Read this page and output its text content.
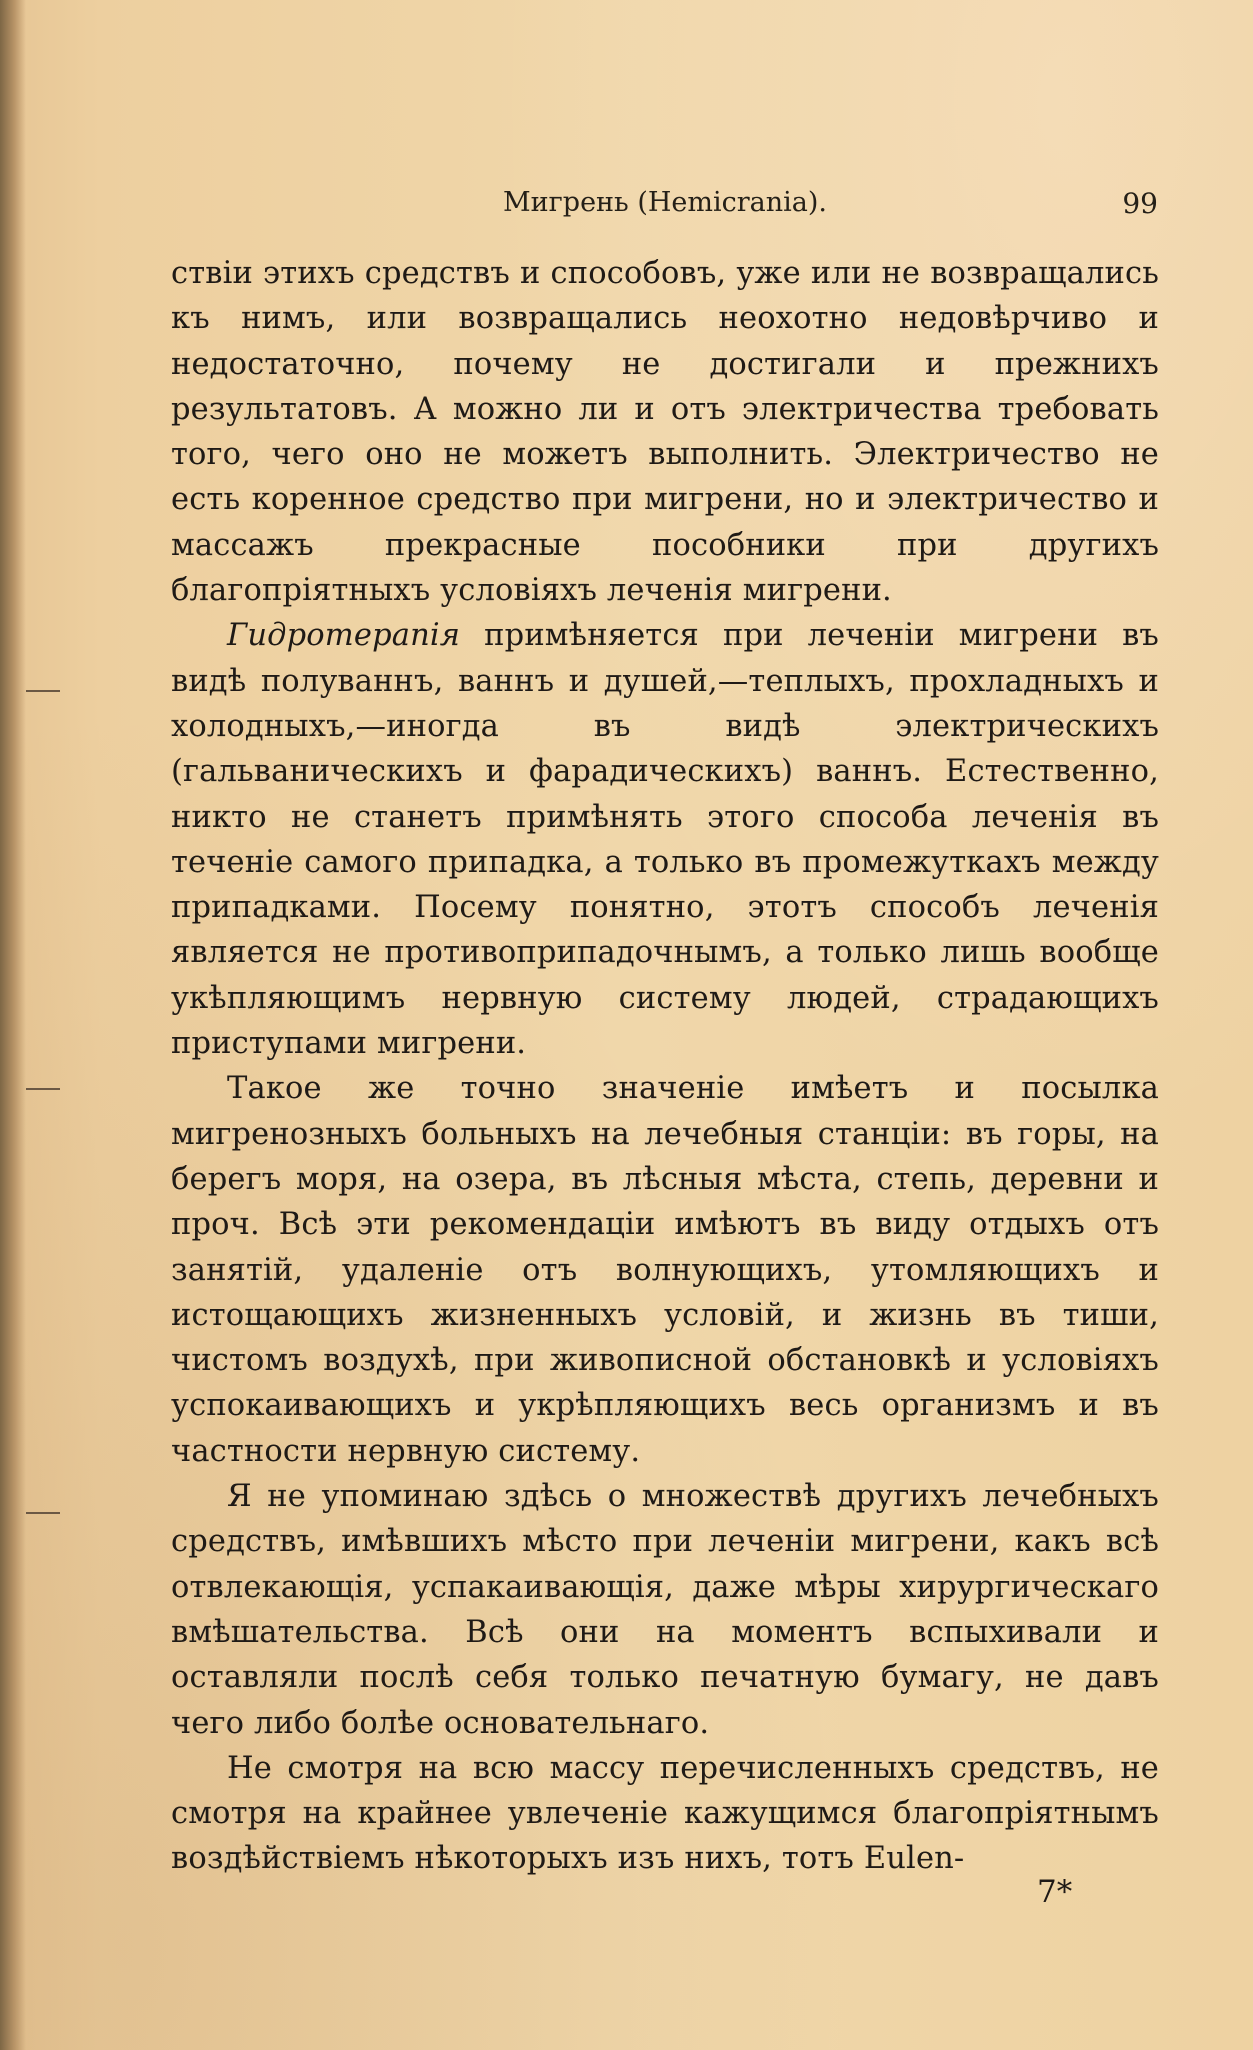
Мигрень (Hemicrania).	99

ствіи этихъ средствъ и способовъ, уже или не возвращались къ нимъ, или возвращались неохотно недовѣрчиво и недостаточно, почему не достигали и прежнихъ результатовъ. А можно ли и отъ электричества требовать того, чего оно не можетъ выполнить. Электричество не есть коренное средство при мигрени, но и электричество и массажъ прекрасные пособники при другихъ благопріятныхъ условіяхъ леченія мигрени.

Гидротерапія примѣняется при леченіи мигрени въ видѣ полуваннъ, ваннъ и душей,—теплыхъ, прохладныхъ и холодныхъ,—иногда въ видѣ электрическихъ (гальваническихъ и фарадическихъ) ваннъ. Естественно, никто не станетъ примѣнять этого способа леченія въ теченіе самого припадка, а только въ промежуткахъ между припадками. Посему понятно, этотъ способъ леченія является не противоприпадочнымъ, а только лишь вообще укѣпляющимъ нервную систему людей, страдающихъ приступами мигрени.

Такое же точно значеніе имѣетъ и посылка мигренозныхъ больныхъ на лечебныя станціи: въ горы, на берегъ моря, на озера, въ лѣсныя мѣста, степь, деревни и проч. Всѣ эти рекомендаціи имѣютъ въ виду отдыхъ отъ занятій, удаленіе отъ волнующихъ, утомляющихъ и истощающихъ жизненныхъ условій, и жизнь въ тиши, чистомъ воздухѣ, при живописной обстановкѣ и условіяхъ успокаивающихъ и укрѣпляющихъ весь организмъ и въ частности нервную систему.

Я не упоминаю здѣсь о множествѣ другихъ лечебныхъ средствъ, имѣвшихъ мѣсто при леченіи мигрени, какъ всѣ отвлекающія, успакаивающія, даже мѣры хирургическаго вмѣшательства. Всѣ они на моментъ вспыхивали и оставляли послѣ себя только печатную бумагу, не давъ чего либо болѣе основательнаго.

Не смотря на всю массу перечисленныхъ средствъ, не смотря на крайнее увлеченіе кажущимся благопріятнымъ воздѣйствіемъ нѣкоторыхъ изъ нихъ, тотъ Eulen-

7*
